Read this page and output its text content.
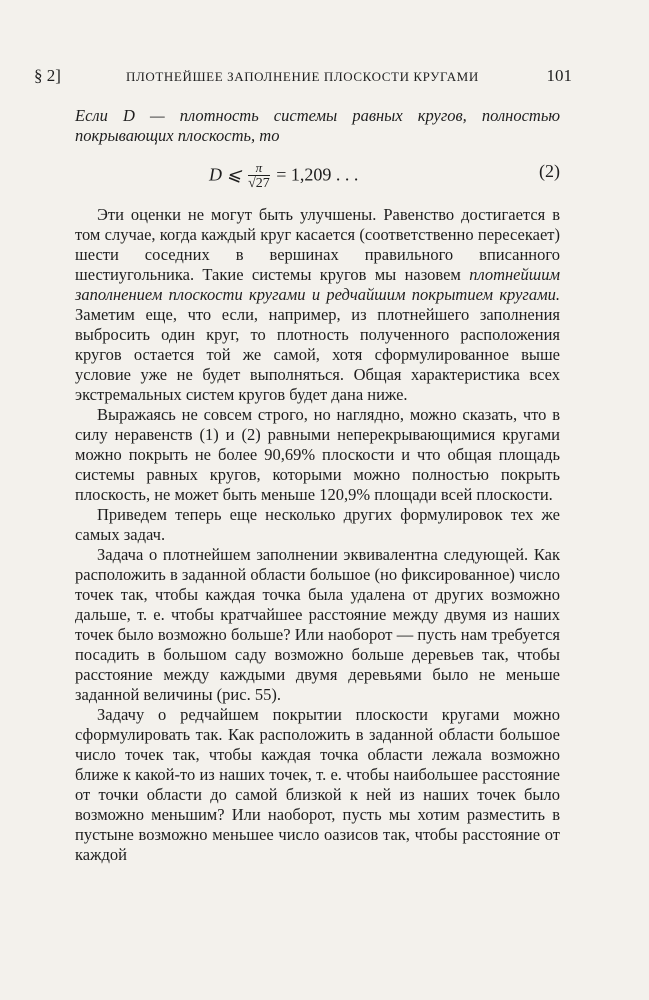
§ 2]	ПЛОТНЕЙШЕЕ ЗАПОЛНЕНИЕ ПЛОСКОСТИ КРУГАМИ	101

Если D — плотность системы равных кругов, полностью покрывающих плоскость, то

D ⩽ $\frac{\pi}{√27} = 1,209$ . . .	(2)

Эти оценки не могут быть улучшены. Равенство достигается в том случае, когда каждый круг касается (соответственно пересекает) шести соседних в вершинах правильного вписанного шестиугольника. Такие системы кругов мы назовем плотнейшим заполнением плоскости кругами и редчайшим покрытием кругами. Заметим еще, что если, например, из плотнейшего заполнения выбросить один круг, то плотность полученного расположения кругов остается той же самой, хотя сформулированное выше условие уже не будет выполняться. Общая характеристика всех экстремальных систем кругов будет дана ниже.

Выражаясь не совсем строго, но наглядно, можно сказать, что в силу неравенств (1) и (2) равными неперекрывающимися кругами можно покрыть не более 90,69% плоскости и что общая площадь системы равных кругов, которыми можно полностью покрыть плоскость, не может быть меньше 120,9% площади всей плоскости.

Приведем теперь еще несколько других формулировок тех же самых задач.

Задача о плотнейшем заполнении эквивалентна следующей. Как расположить в заданной области большое (но фиксированное) число точек так, чтобы каждая точка была удалена от других возможно дальше, т. е. чтобы кратчайшее расстояние между двумя из наших точек было возможно больше? Или наоборот — пусть нам требуется посадить в большом саду возможно больше деревьев так, чтобы расстояние между каждыми двумя деревьями было не меньше заданной величины (рис. 55).

Задачу о редчайшем покрытии плоскости кругами можно сформулировать так. Как расположить в заданной области большое число точек так, чтобы каждая точка области лежала возможно ближе к какой-то из наших точек, т. е. чтобы наибольшее расстояние от точки области до самой близкой к ней из наших точек было возможно меньшим? Или наоборот, пусть мы хотим разместить в пустыне возможно меньшее число оазисов так, чтобы расстояние от каждой
